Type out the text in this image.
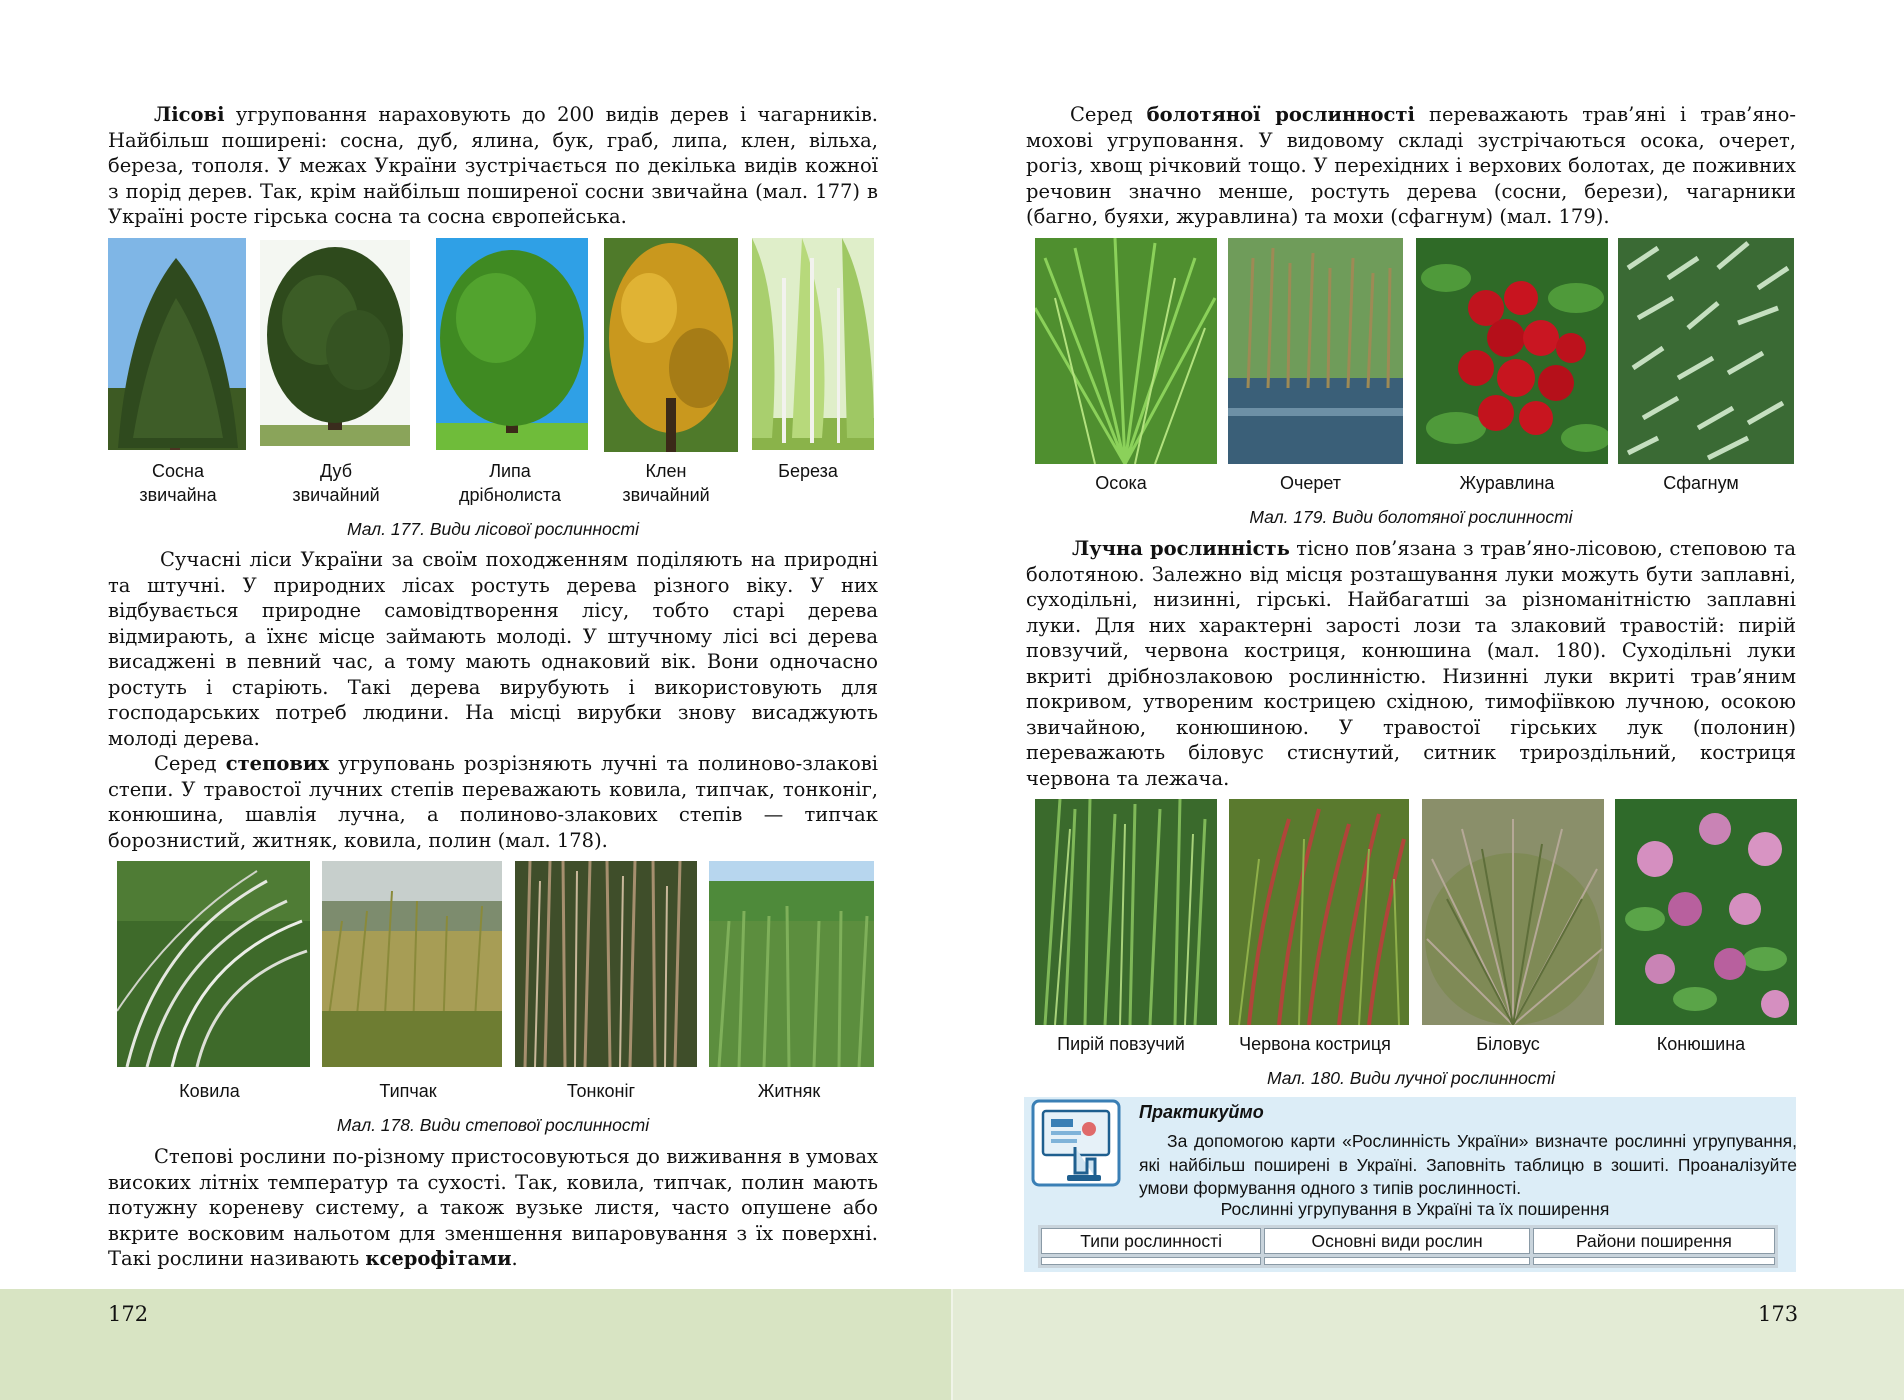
Лісові угруповання нараховують до 200 видів дерев і чагарників. Найбільш поширені: сосна, дуб, ялина, бук, граб, липа, клен, вільха, береза, тополя. У межах України зустрічається по декілька видів кожної з порід дерев. Так, крім найбільш поширеної сосни звичайна (мал. 177) в Україні росте гірська сосна та сосна європейська.

Сосна
звичайна
Дуб
звичайний
Липа
дрібнолиста
Клен
звичайний
Береза
Мал. 177. Види лісової рослинності

Сучасні ліси України за своїм походженням поділяють на природні та штучні. У природних лісах ростуть дерева різного віку. У них відбувається природне самовідтворення лісу, тобто старі дерева відмирають, а їхнє місце займають молоді. У штучному лісі всі дерева висаджені в певний час, а тому мають однаковий вік. Вони одночасно ростуть і старіють. Такі дерева вирубують і використовують для господарських потреб людини. На місці вирубки знову висаджують молоді дерева.

Серед степових угруповань розрізняють лучні та полиново-злакові степи. У травостої лучних степів переважають ковила, типчак, тонконіг, конюшина, шавлія лучна, а полиново-злакових степів — типчак борознистий, житняк, ковила, полин (мал. 178).

Ковила	Типчак	Тонконіг	Житняк
Мал. 178. Види степової рослинності

Степові рослини по-різному пристосовуються до виживання в умовах високих літніх температур та сухості. Так, ковила, типчак, полин мають потужну кореневу систему, а також вузьке листя, часто опушене або вкрите восковим нальотом для зменшення випаровування з їх поверхні. Такі рослини називають ксерофітами.

172

Серед болотяної рослинності переважають трав’яні і трав’яно-мохові угруповання. У видовому складі зустрічаються осока, очерет, рогіз, хвощ річковий тощо. У перехідних і верхових болотах, де поживних речовин значно менше, ростуть дерева (сосни, берези), чагарники (багно, буяхи, журавлина) та мохи (сфагнум) (мал. 179).

Осока	Очерет	Журавлина	Сфагнум
Мал. 179. Види болотяної рослинності

Лучна рослинність тісно пов’язана з трав’яно-лісовою, степовою та болотяною. Залежно від місця розташування луки можуть бути заплавні, суходільні, низинні, гірські. Найбагатші за різноманітністю заплавні луки. Для них характерні зарості лози та злаковий травостій: пирій повзучий, червона костриця, конюшина (мал. 180). Суходільні луки вкриті дрібнозлаковою рослинністю. Низинні луки вкриті трав’яним покривом, утвореним кострицею східною, тимофіївкою лучною, осокою звичайною, конюшиною. У травостої гірських лук (полонин) переважають біловус стиснутий, ситник трироздільний, костриця червона та лежача.

Пирій повзучий	Червона костриця	Біловус	Конюшина
Мал. 180. Види лучної рослинності
Практикуймо

За допомогою карти «Рослинність України» визначте рослинні угрупування, які найбільш поширені в Україні. Заповніть таблицю в зошиті. Проаналізуйте умови формування одного з типів рослинності.

Рослинні угрупування в Україні та їх поширення
Типи рослинності	Основні види рослин	Райони поширення

173
